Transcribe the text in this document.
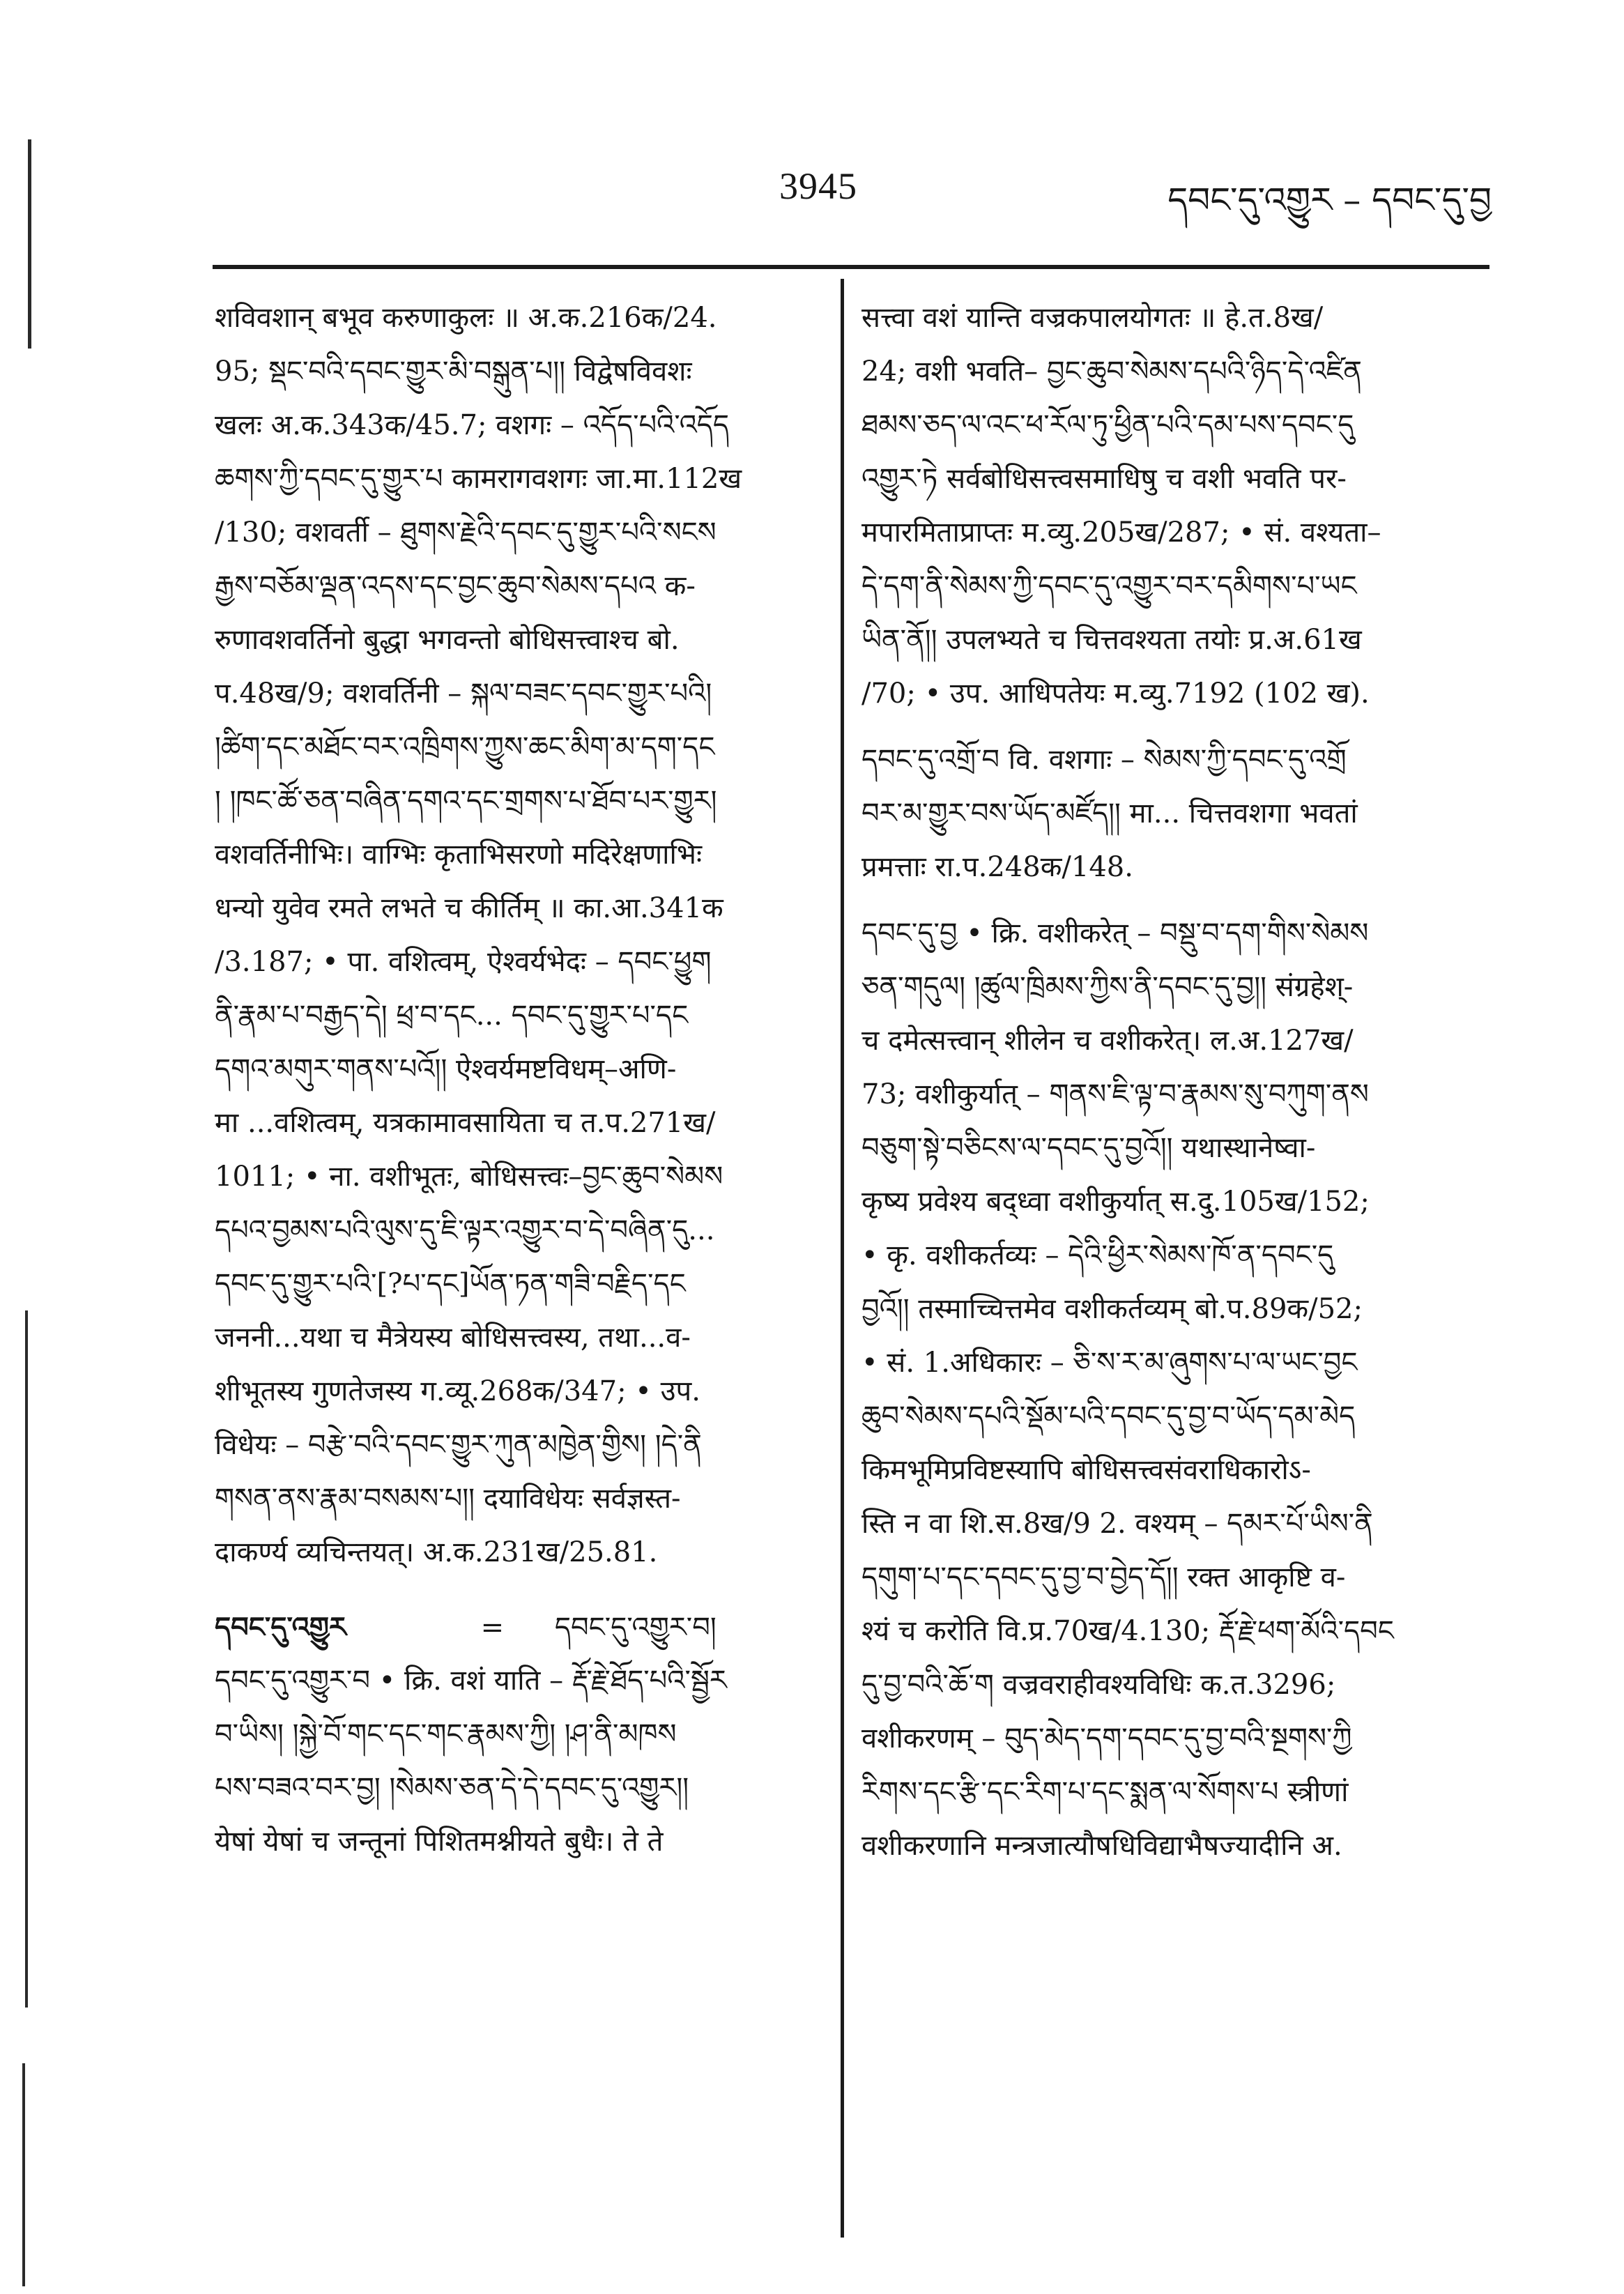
3945	དབང་དུ་འགྱུར – དབང་དུ་བྱ
शविवशान् बभूव करुणाकुलः ॥ अ.क.216क/24.
95; སྡང་བའི་དབང་གྱུར་མི་བསྒུན་པ།། विद्वेषविवशः
खलः अ.क.343क/45.7; वशगः – འདོད་པའི་འདོད
ཆགས་ཀྱི་དབང་དུ་གྱུར་པ कामरागवशगः जा.मा.112ख
/130; वशवर्ती – ཐུགས་རྗེའི་དབང་དུ་གྱུར་པའི་སངས
རྒྱས་བཅོམ་ལྡན་འདས་དང་བྱང་ཆུབ་སེམས་དཔའ क-
रुणावशवर्तिनो बुद्धा भगवन्तो बोधिसत्त्वाश्च बो.
प.48ख/9; वशवर्तिनी – སྐལ་བཟང་དབང་གྱུར་པའི།
།ཚིག་དང་མཐོང་བར་འཁྲིགས་ཀྱུས་ཆང་མིག་མ་དག་དང
། །ཁང་ཚོ་ཅན་བཞིན་དགའ་དང་གྲགས་པ་ཐོབ་པར་གྱུར།
वशवर्तिनीभिः। वाग्भिः कृताभिसरणो मदिरेक्षणाभिः
धन्यो युवेव रमते लभते च कीर्तिम् ॥ का.आ.341क
/3.187; • पा. वशित्वम्, ऐश्वर्यभेदः – དབང་ཕྱུག
ནི་རྣམ་པ་བརྒྱད་དེ། ཕྲ་བ་དང... དབང་དུ་གྱུར་པ་དང
དགའ་མགུར་གནས་པའོ།། ऐश्वर्यमष्टविधम्–अणि-
मा ...वशित्वम्, यत्रकामावसायिता च त.प.271ख/
1011; • ना. वशीभूतः, बोधिसत्त्वः–བྱང་ཆུབ་སེམས
དཔའ་བྱམས་པའི་ལུས་དུ་ཇི་ལྟར་འགྱུར་བ་དེ་བཞིན་དུ...
དབང་དུ་གྱུར་པའི་[?པ་དང]ཡོན་ཏན་གཟི་བརྗིད་དང
जननी...यथा च मैत्रेयस्य बोधिसत्त्वस्य, तथा...व-
शीभूतस्य गुणतेजस्य ग.व्यू.268क/347; • उप.
विधेयः – བརྩེ་བའི་དབང་གྱུར་ཀུན་མཁྱེན་གྱིས། །དེ་ནི
གསན་ནས་རྣམ་བསམས་པ།། दयाविधेयः सर्वज्ञस्त-
दाकर्ण्य व्यचिन्तयत्। अ.क.231ख/25.81.
དབང་དུ་འགྱུར	= དབང་དུ་འགྱུར་བ།
དབང་དུ་འགྱུར་བ • क्रि. वशं याति – རྡོ་རྗེ་ཐོད་པའི་སྦྱོར
བ་ཡིས། །སྐྱེ་བོ་གང་དང་གང་རྣམས་ཀྱི། །ཤ་ནི་མཁས
པས་བཟའ་བར་བྱ། །སེམས་ཅན་དེ་དེ་དབང་དུ་འགྱུར།།
येषां येषां च जन्तूनां पिशितमश्नीयते बुधैः। ते ते
सत्त्वा वशं यान्ति वज्रकपालयोगतः ॥ हे.त.8ख/
24; वशी भवति– བྱང་ཆུབ་སེམས་དཔའི་ཉིད་དེ་འཛིན
ཐམས་ཅད་ལ་འང་ཕ་རོལ་ཏུ་ཕྱིན་པའི་དམ་པས་དབང་དུ
འགྱུར་ཏེ सर्वबोधिसत्त्वसमाधिषु च वशी भवति पर-
मपारमिताप्राप्तः म.व्यु.205ख/287; • सं. वश्यता–
དེ་དག་ནི་སེམས་ཀྱི་དབང་དུ་འགྱུར་བར་དམིགས་པ་ཡང
ཡིན་ནོ།། उपलभ्यते च चित्तवश्यता तयोः प्र.अ.61ख
/70; • उप. आधिपतेयः म.व्यु.7192 (102 ख).
དབང་དུ་འགྲོ་བ वि. वशगाः – སེམས་ཀྱི་དབང་དུ་འགྲོ
བར་མ་གྱུར་བས་ཡོད་མཛོད།། मा... चित्तवशगा भवतां
प्रमत्ताः रा.प.248क/148.
དབང་དུ་བྱ • क्रि. वशीकरेत् – བསྡུ་བ་དག་གིས་སེམས
ཅན་གདུལ། །ཚུལ་ཁྲིམས་ཀྱིས་ནི་དབང་དུ་བྱ།། संग्रहेश्-
च दमेत्सत्त्वान् शीलेन च वशीकरेत्। ल.अ.127ख/
73; वशीकुर्यात् – གནས་ཇི་ལྟ་བ་རྣམས་སུ་བཀུག་ནས
བཅུག་སྟེ་བཅིངས་ལ་དབང་དུ་བྱའོ།། यथास्थानेष्वा-
कृष्य प्रवेश्य बद्ध्वा वशीकुर्यात् स.दु.105ख/152;
• कृ. वशीकर्तव्यः – དེའི་ཕྱིར་སེམས་ཁོ་ན་དབང་དུ
བྱའོ།། तस्माच्चित्तमेव वशीकर्तव्यम् बो.प.89क/52;
• सं. 1.अधिकारः – ཅི་ས་ར་མ་ཞུགས་པ་ལ་ཡང་བྱང
ཆུབ་སེམས་དཔའི་སྡོམ་པའི་དབང་དུ་བྱ་བ་ཡོད་དམ་མེད
किमभूमिप्रविष्टस्यापि बोधिसत्त्वसंवराधिकारोऽ-
स्ति न वा शि.स.8ख/9 2. वश्यम् – དམར་པོ་ཡིས་ནི
དགུག་པ་དང་དབང་དུ་བྱ་བ་བྱེད་དོ།། रक्त आकृष्टि व-
श्यं च करोति वि.प्र.70ख/4.130; རྡོ་རྗེ་ཕག་མོའི་དབང
དུ་བྱ་བའི་ཆོ་ག वज्रवराहीवश्यविधिः क.त.3296;
वशीकरणम् – བུད་མེད་དག་དབང་དུ་བྱ་བའི་སྔགས་ཀྱི
རིགས་དང་རྩི་དང་རིག་པ་དང་སྨན་ལ་སོགས་པ स्त्रीणां
वशीकरणानि मन्त्रजात्यौषधिविद्याभैषज्यादीनि अ.
